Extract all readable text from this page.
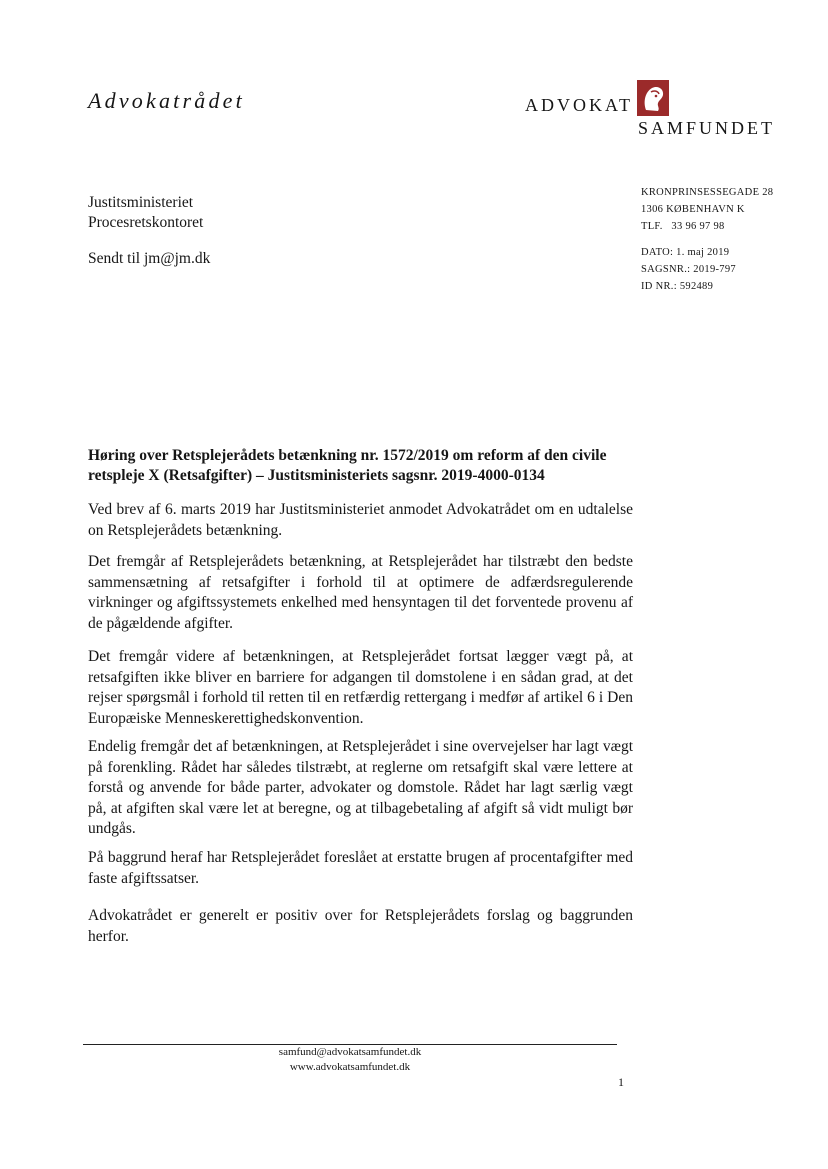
Advokatrådet	ADVOKAT
SAMFUNDET
Justitsministeriet
Procesretskontoret
Sendt til jm@jm.dk
KRONPRINSESSEGADE 28
1306 KØBENHAVN K
TLF.   33 96 97 98
DATO: 1. maj 2019
SAGSNR.: 2019-797
ID NR.: 592489
Høring over Retsplejerådets betænkning nr. 1572/2019 om reform af den civile retspleje X (Retsafgifter) – Justitsministeriets sagsnr. 2019-4000-0134
Ved brev af 6. marts 2019 har Justitsministeriet anmodet Advokatrådet om en udtalelse on Retsplejerådets betænkning.
Det fremgår af Retsplejerådets betænkning, at Retsplejerådet har tilstræbt den bedste sammensætning af retsafgifter i forhold til at optimere de adfærdsregulerende virkninger og afgiftssystemets enkelhed med hensyntagen til det forventede provenu af de pågældende afgifter.
Det fremgår videre af betænkningen, at Retsplejerådet fortsat lægger vægt på, at retsafgiften ikke bliver en barriere for adgangen til domstolene i en sådan grad, at det rejser spørgsmål i forhold til retten til en retfærdig rettergang i medfør af artikel 6 i Den Europæiske Menneskerettighedskonvention.
Endelig fremgår det af betænkningen, at Retsplejerådet i sine overvejelser har lagt vægt på forenkling. Rådet har således tilstræbt, at reglerne om retsafgift skal være lettere at forstå og anvende for både parter, advokater og domstole. Rådet har lagt særlig vægt på, at afgiften skal være let at beregne, og at tilbagebetaling af afgift så vidt muligt bør undgås.
På baggrund heraf har Retsplejerådet foreslået at erstatte brugen af procentafgifter med faste afgiftssatser.
Advokatrådet er generelt er positiv over for Retsplejerådets forslag og baggrunden herfor.
samfund@advokatsamfundet.dk
www.advokatsamfundet.dk
1
